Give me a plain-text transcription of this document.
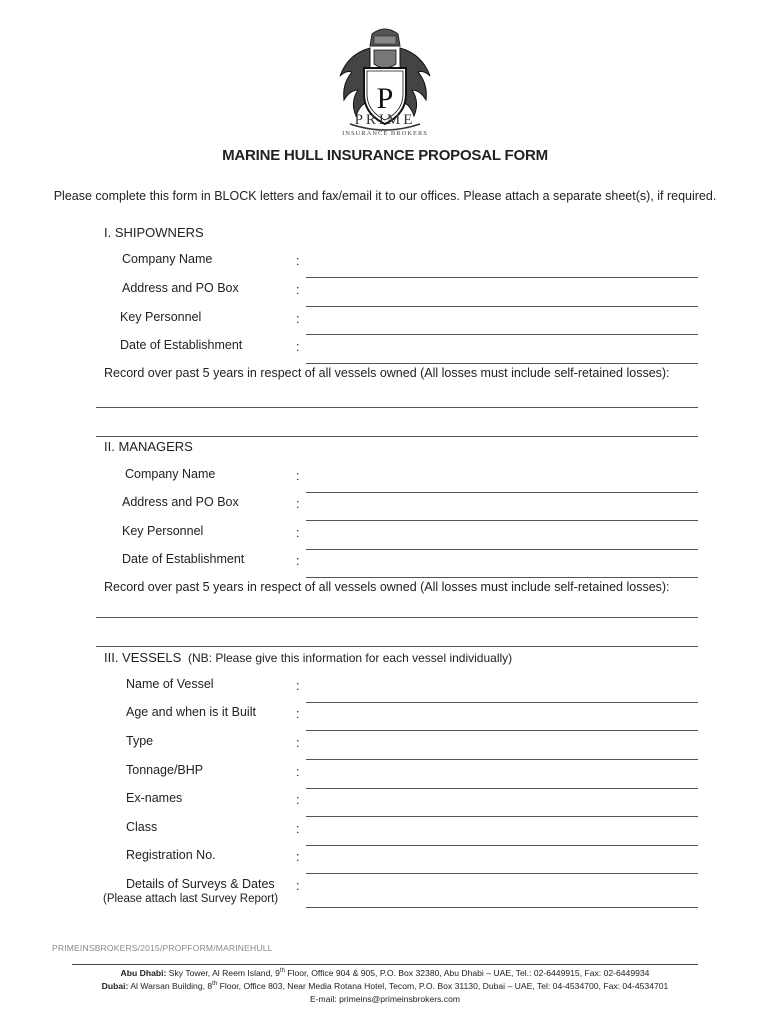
P
PRIME
INSURANCE BROKERS
MARINE HULL INSURANCE PROPOSAL FORM
Please complete this form in BLOCK letters and fax/email it to our offices. Please attach a separate sheet(s), if required.
I. SHIPOWNERS
Company Name	:
Address and PO Box	:
Key Personnel	:
Date of Establishment	:
Record over past 5 years in respect of all vessels owned (All losses must include self-retained losses):
II. MANAGERS
Company Name	:
Address and PO Box	:
Key Personnel	:
Date of Establishment	:
Record over past 5 years in respect of all vessels owned (All losses must include self-retained losses):
III. VESSELS (NB: Please give this information for each vessel individually)
Name of Vessel	:
Age and when is it Built	:
Type	:
Tonnage/BHP	:
Ex-names	:
Class	:
Registration No.	:
Details of Surveys & Dates :
(Please attach last Survey Report)
PRIMEINSBROKERS/2015/PROPFORM/MARINEHULL
Abu Dhabi: Sky Tower, Al Reem Island, 9th Floor, Office 904 & 905, P.O. Box 32380, Abu Dhabi – UAE, Tel.: 02-6449915, Fax: 02-6449934
Dubai: Al Warsan Building, 8th Floor, Office 803, Near Media Rotana Hotel, Tecom, P.O. Box 31130, Dubai – UAE, Tel: 04-4534700, Fax: 04-4534701
E-mail: primeins@primeinsbrokers.com
